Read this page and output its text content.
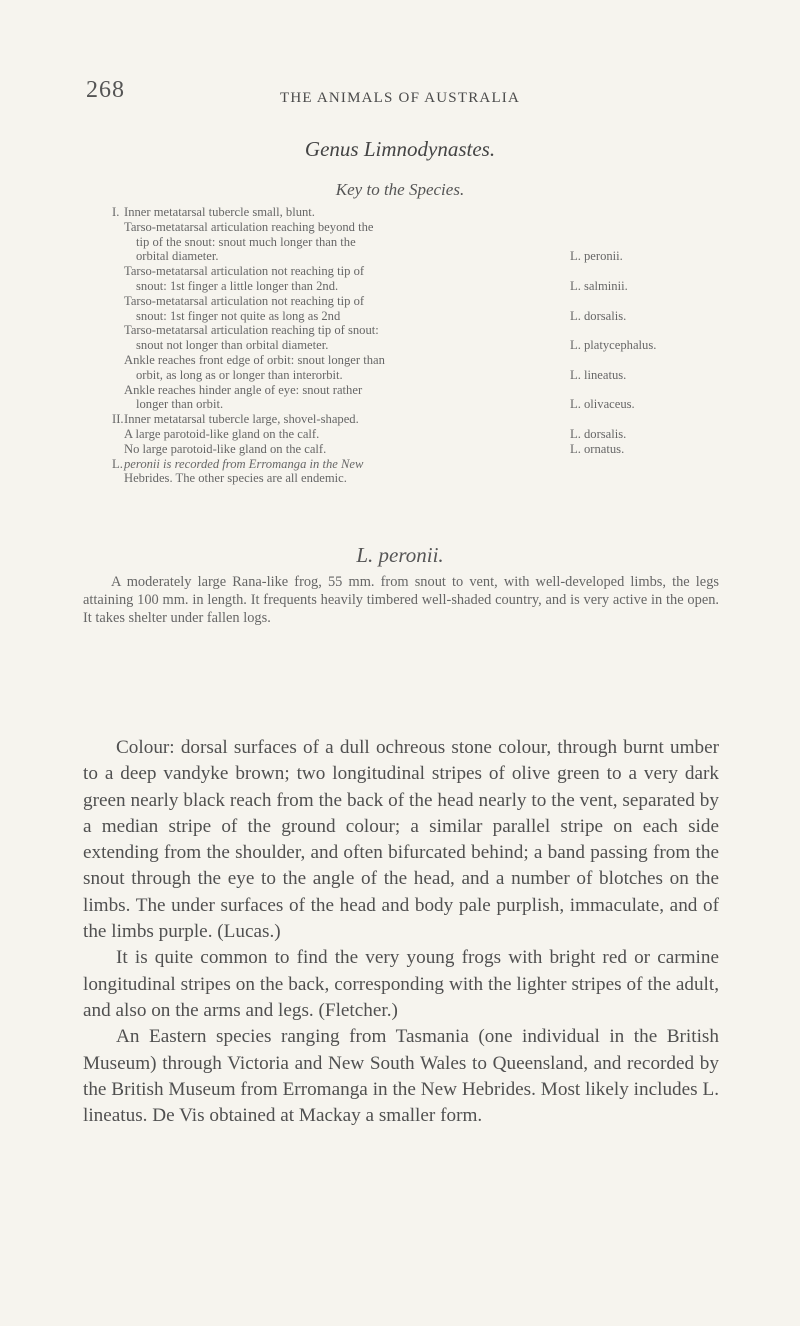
268	THE ANIMALS OF AUSTRALIA
Genus Limnodynastes.
Key to the Species.
I. Inner metatarsal tubercle small, blunt.
Tarso-metatarsal articulation reaching beyond the
tip of the snout: snout much longer than the
orbital diameter.	L. peronii.
Tarso-metatarsal articulation not reaching tip of
snout: 1st finger a little longer than 2nd.	L. salminii.
Tarso-metatarsal articulation not reaching tip of
snout: 1st finger not quite as long as 2nd	L. dorsalis.
Tarso-metatarsal articulation reaching tip of snout:
snout not longer than orbital diameter.	L. platycephalus.
Ankle reaches front edge of orbit: snout longer than
orbit, as long as or longer than interorbit.	L. lineatus.
Ankle reaches hinder angle of eye: snout rather
longer than orbit.	L. olivaceus.
II. Inner metatarsal tubercle large, shovel-shaped.
A large parotoid-like gland on the calf.	L. dorsalis.
No large parotoid-like gland on the calf.	L. ornatus.
L. peronii is recorded from Erromanga in the New
Hebrides. The other species are all endemic.
L. peronii.

A moderately large Rana-like frog, 55 mm. from snout to vent, with well-developed limbs, the legs attaining 100 mm. in length. It frequents heavily timbered well-shaded country, and is very active in the open. It takes shelter under fallen logs.

Colour: dorsal surfaces of a dull ochreous stone colour, through burnt umber to a deep vandyke brown; two longitudinal stripes of olive green to a very dark green nearly black reach from the back of the head nearly to the vent, separated by a median stripe of the ground colour; a similar parallel stripe on each side extending from the shoulder, and often bifurcated behind; a band passing from the snout through the eye to the angle of the head, and a number of blotches on the limbs. The under surfaces of the head and body pale purplish, immaculate, and of the limbs purple. (Lucas.)

It is quite common to find the very young frogs with bright red or carmine longitudinal stripes on the back, corresponding with the lighter stripes of the adult, and also on the arms and legs. (Fletcher.)

An Eastern species ranging from Tasmania (one individual in the British Museum) through Victoria and New South Wales to Queensland, and recorded by the British Museum from Erromanga in the New Hebrides. Most likely includes L. lineatus. De Vis obtained at Mackay a smaller form.
